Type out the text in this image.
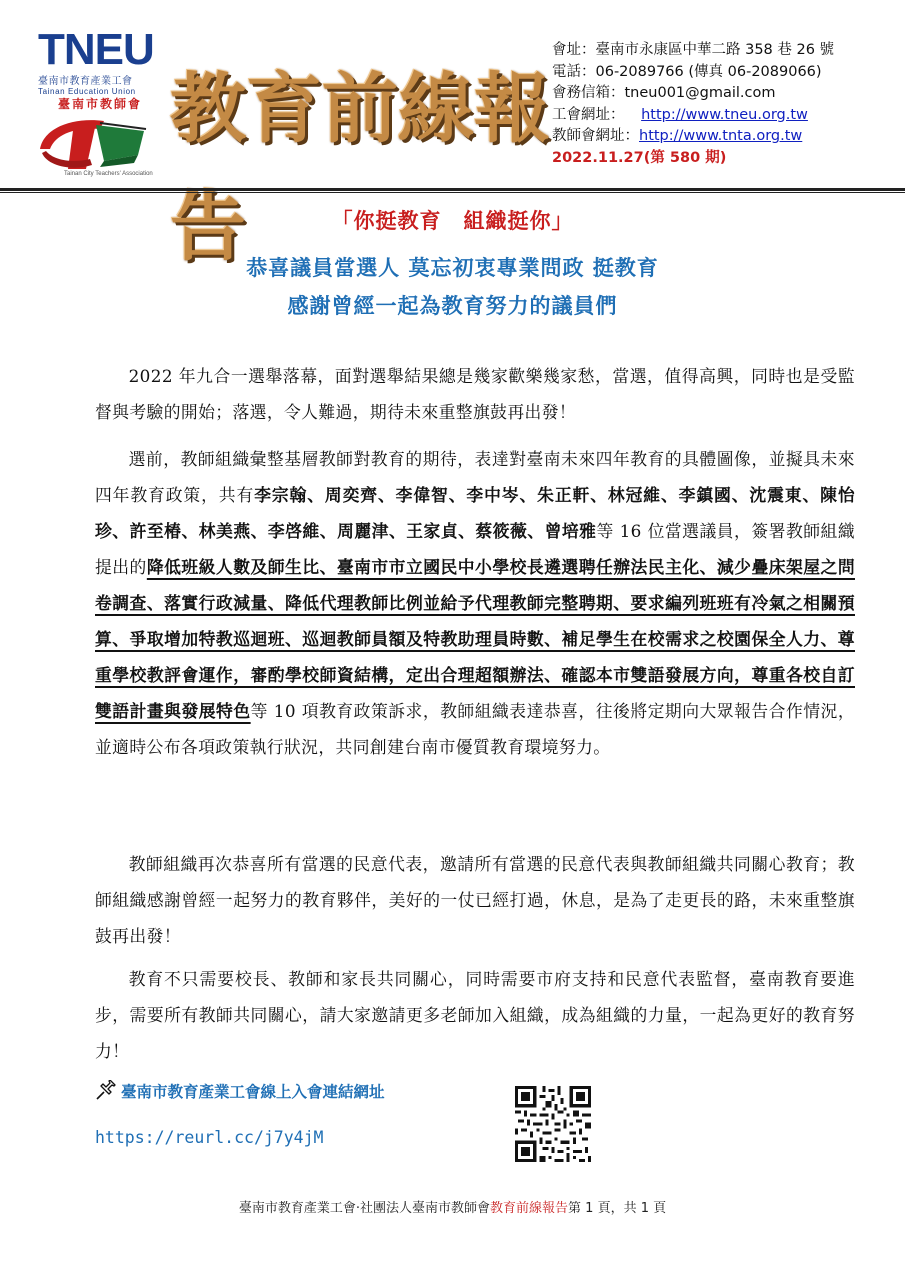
TNEU
臺南市教育產業工會
Tainan Education Union
臺南市教師會
Tainan City Teachers' Association
教育前線報告
會址：臺南市永康區中華二路 358 巷 26 號
電話：06-2089766 (傳真 06-2089066)
會務信箱：tneu001@gmail.com
工會網址： http://www.tneu.org.tw
教師會網址：http://www.tnta.org.tw
2022.11.27(第 580 期)
「你挺教育　組織挺你」
恭喜議員當選人 莫忘初衷專業問政 挺教育
感謝曾經一起為教育努力的議員們
2022 年九合一選舉落幕，面對選舉結果總是幾家歡樂幾家愁，當選，值得高興，同時也是受監督與考驗的開始；落選，令人難過，期待未來重整旗鼓再出發！
選前，教師組織彙整基層教師對教育的期待，表達對臺南未來四年教育的具體圖像，並擬具未來四年教育政策，共有李宗翰、周奕齊、李偉智、李中岑、朱正軒、林冠維、李鎮國、沈震東、陳怡珍、許至椿、林美燕、李啓維、周麗津、王家貞、蔡筱薇、曾培雅等 16 位當選議員，簽署教師組織提出的降低班級人數及師生比、臺南市市立國民中小學校長遴選聘任辦法民主化、減少疊床架屋之問卷調查、落實行政減量、降低代理教師比例並給予代理教師完整聘期、要求編列班班有冷氣之相關預算、爭取增加特教巡迴班、巡迴教師員額及特教助理員時數、補足學生在校需求之校園保全人力、尊重學校教評會運作，審酌學校師資結構，定出合理超額辦法、確認本市雙語發展方向，尊重各校自訂雙語計畫與發展特色等 10 項教育政策訴求，教師組織表達恭喜，往後將定期向大眾報告合作情況，並適時公布各項政策執行狀況，共同創建台南市優質教育環境努力。
教師組織再次恭喜所有當選的民意代表，邀請所有當選的民意代表與教師組織共同關心教育；教師組織感謝曾經一起努力的教育夥伴，美好的一仗已經打過，休息，是為了走更長的路，未來重整旗鼓再出發！
教育不只需要校長、教師和家長共同關心，同時需要市府支持和民意代表監督，臺南教育要進步，需要所有教師共同關心，請大家邀請更多老師加入組織，成為組織的力量，一起為更好的教育努力！
臺南市教育產業工會線上入會連結網址
https://reurl.cc/j7y4jM
臺南市教育產業工會‧社團法人臺南市教師會教育前線報告第 1 頁，共 1 頁
